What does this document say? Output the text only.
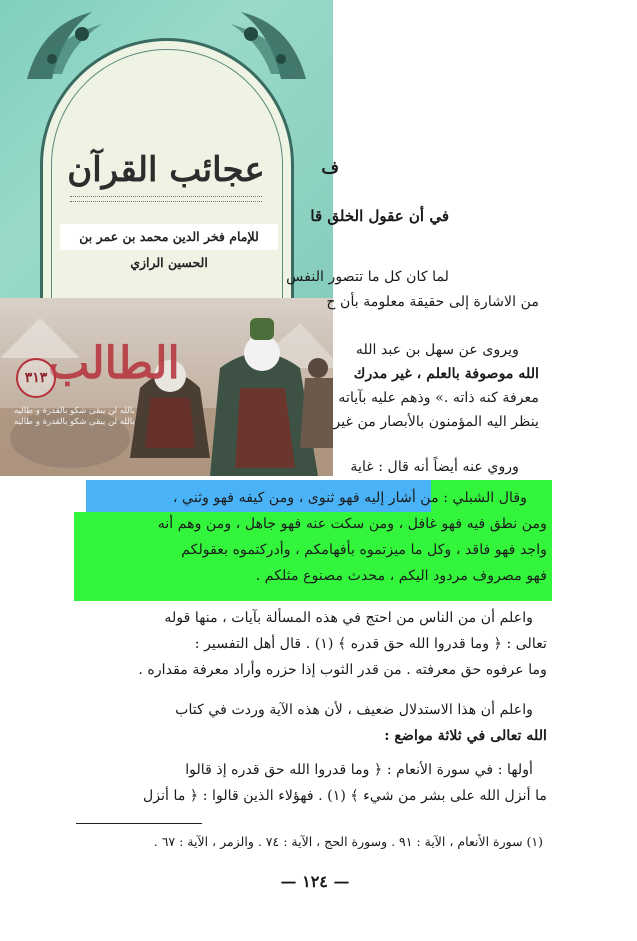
عجائب القرآن
للإمام فخر الدين محمد بن عمر بن الحسين الرازي
الطالب
٣١٣
بالله لن يبقى شكو بالقدرة و طاليه
بالله لن يبقى شكو بالقدرة و طاليه
ف
في أن عقول الخلق قا
لما كان كل ما تتصور النفس
من الاشارة إلى حقيقة معلومة بأن ح
ويروى عن سهل بن عبد الله
الله موصوفة بالعلم ، غير مدرك
معرفة كنه ذاته .» وذهم عليه بآياته
ينظر اليه المؤمنون بالأبصار من غير
وروي عنه أيضاً أنه قال : غاية
وقال الشبلي : من أشار إليه فهو ثنوى ، ومن كيفه فهو وثني ،
ومن نطق فيه فهو غافل ، ومن سكت عنه فهو جاهل ، ومن وهم أنه
واجد فهو فاقد ، وكل ما ميزتموه بأفهامكم ، وأدركتموه بعقولكم
فهو مصروف مردود اليكم ، محدث مصنوع مثلكم .
واعلم أن من الناس من احتج في هذه المسألة بآيات ، منها قوله
تعالى : ﴿ وما قدروا الله حق قدره ﴾ (١) . قال أهل التفسير :
وما عرفوه حق معرفته . من قدر الثوب إذا حزره وأراد معرفة مقداره .
واعلم أن هذا الاستدلال ضعيف ، لأن هذه الآية وردت في كتاب
الله تعالى في ثلاثة مواضع :
أولها : في سورة الأنعام : ﴿ وما قدروا الله حق قدره إذ قالوا
ما أنزل الله على بشر من شيء ﴾ (١) . فهؤلاء الذين قالوا : ﴿ ما أنزل
(١) سورة الأنعام ، الآية : ٩١ . وسورة الحج ، الآية : ٧٤ . والزمر ، الآية : ٦٧ .
— ١٢٤ —
